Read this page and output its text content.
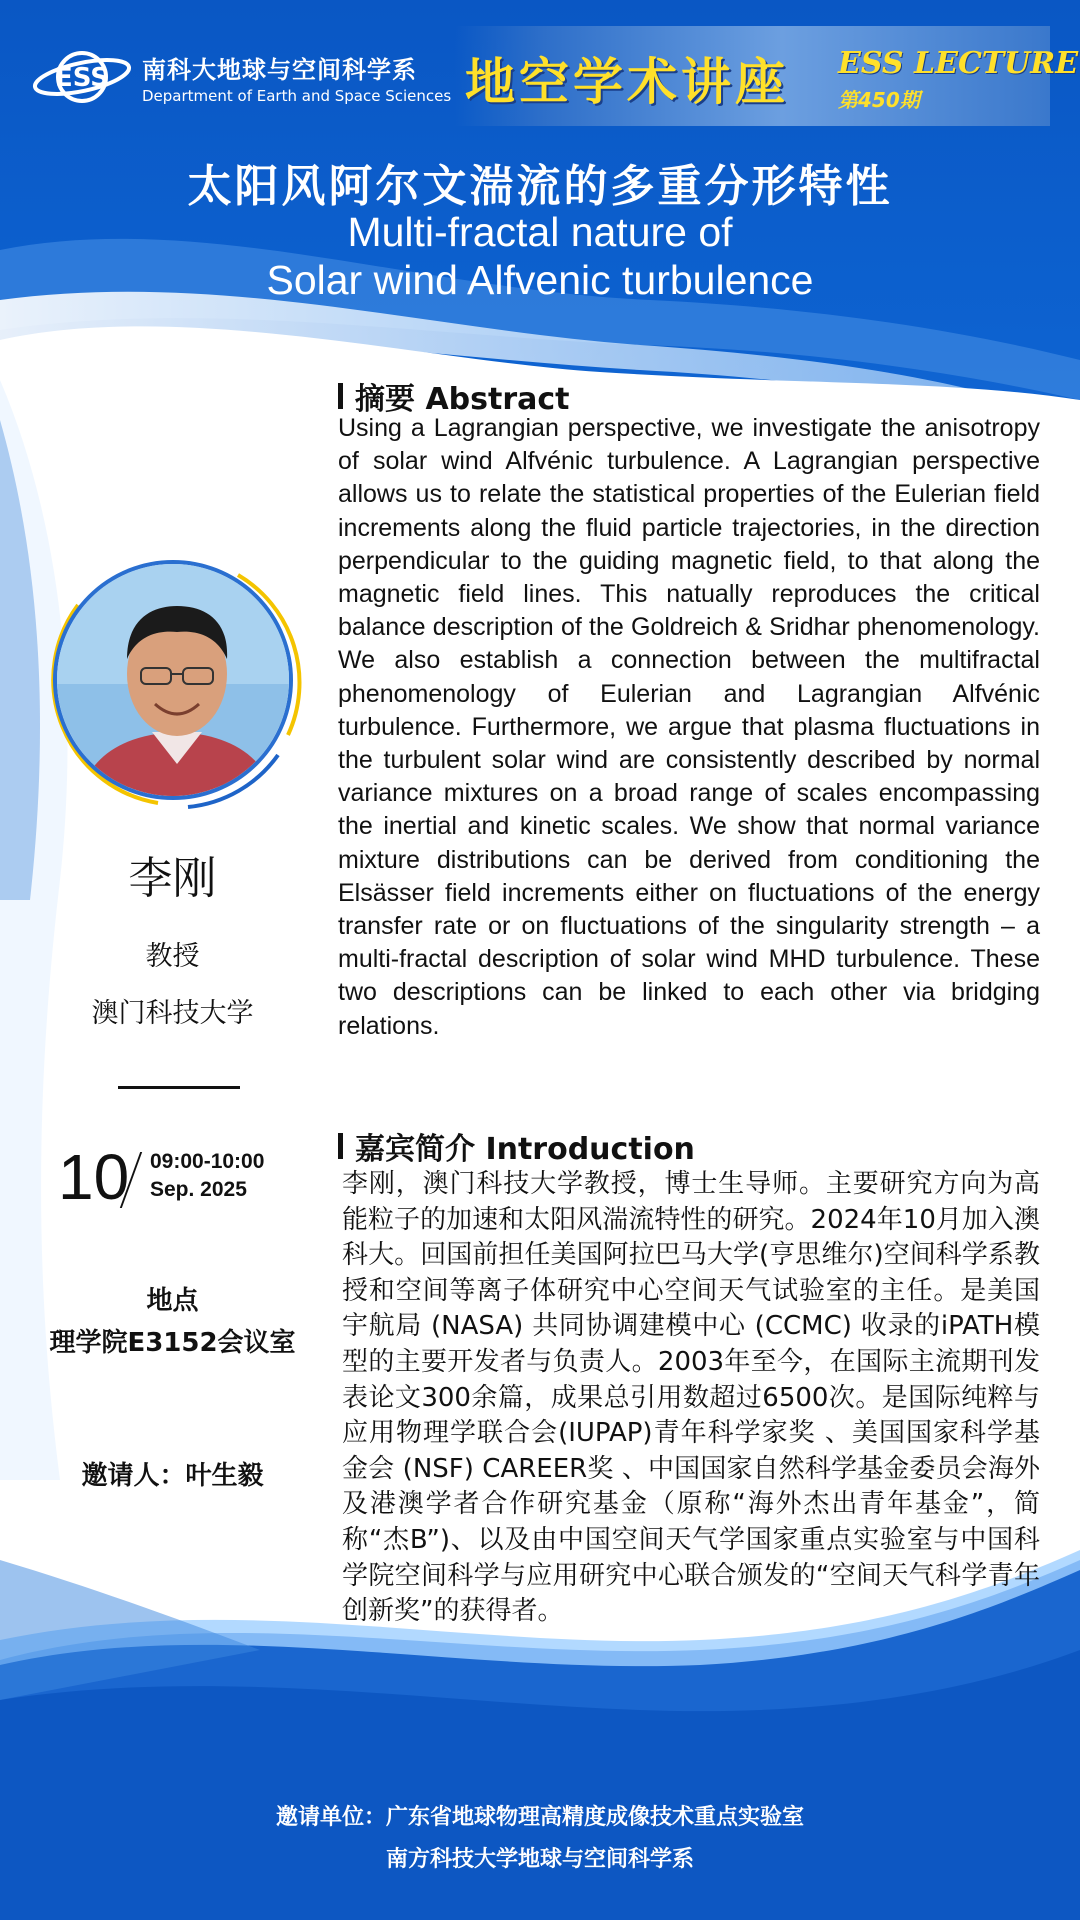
ESS 南科大地球与空间科学系
Department of Earth and Space Sciences 地空学术讲座 ESS LECTURE
第450期
太阳风阿尔文湍流的多重分形特性
Multi-fractal nature of
Solar wind Alfvenic turbulence
李刚
教授
澳门科技大学
10 09:00-10:00
Sep. 2025
地点
理学院E3152会议室
邀请人：叶生毅
摘要 Abstract
Using a Lagrangian perspective, we investigate the anisotropy of solar wind Alfvénic turbulence. A Lagrangian perspective allows us to relate the statistical properties of the Eulerian field increments along the fluid particle trajectories, in the direction perpendicular to the guiding magnetic field, to that along the magnetic field lines. This natually reproduces the critical balance description of the Goldreich & Sridhar phenomenology. We also establish a connection between the multifractal phenomenology of Eulerian and Lagrangian Alfvénic turbulence. Furthermore, we argue that plasma fluctuations in the turbulent solar wind are consistently described by normal variance mixtures on a broad range of scales encompassing the inertial and kinetic scales. We show that normal variance mixture distributions can be derived from conditioning the Elsässer field increments either on fluctuations of the energy transfer rate or on fluctuations of the singularity strength – a multi-fractal description of solar wind MHD turbulence. These two descriptions can be linked to each other via bridging relations.
嘉宾简介 Introduction
李刚，澳门科技大学教授，博士生导师。主要研究方向为高能粒子的加速和太阳风湍流特性的研究。2024年10月加入澳科大。回国前担任美国阿拉巴马大学(亨思维尔)空间科学系教授和空间等离子体研究中心空间天气试验室的主任。是美国宇航局 (NASA) 共同协调建模中心 (CCMC) 收录的iPATH模型的主要开发者与负责人。2003年至今，在国际主流期刊发表论文300余篇，成果总引用数超过6500次。是国际纯粹与应用物理学联合会(IUPAP)青年科学家奖 、美国国家科学基金会 (NSF) CAREER奖 、中国国家自然科学基金委员会海外及港澳学者合作研究基金（原称“海外杰出青年基金”，简称“杰B”)、以及由中国空间天气学国家重点实验室与中国科学院空间科学与应用研究中心联合颁发的“空间天气科学青年创新奖”的获得者。
邀请单位：广东省地球物理高精度成像技术重点实验室
南方科技大学地球与空间科学系
